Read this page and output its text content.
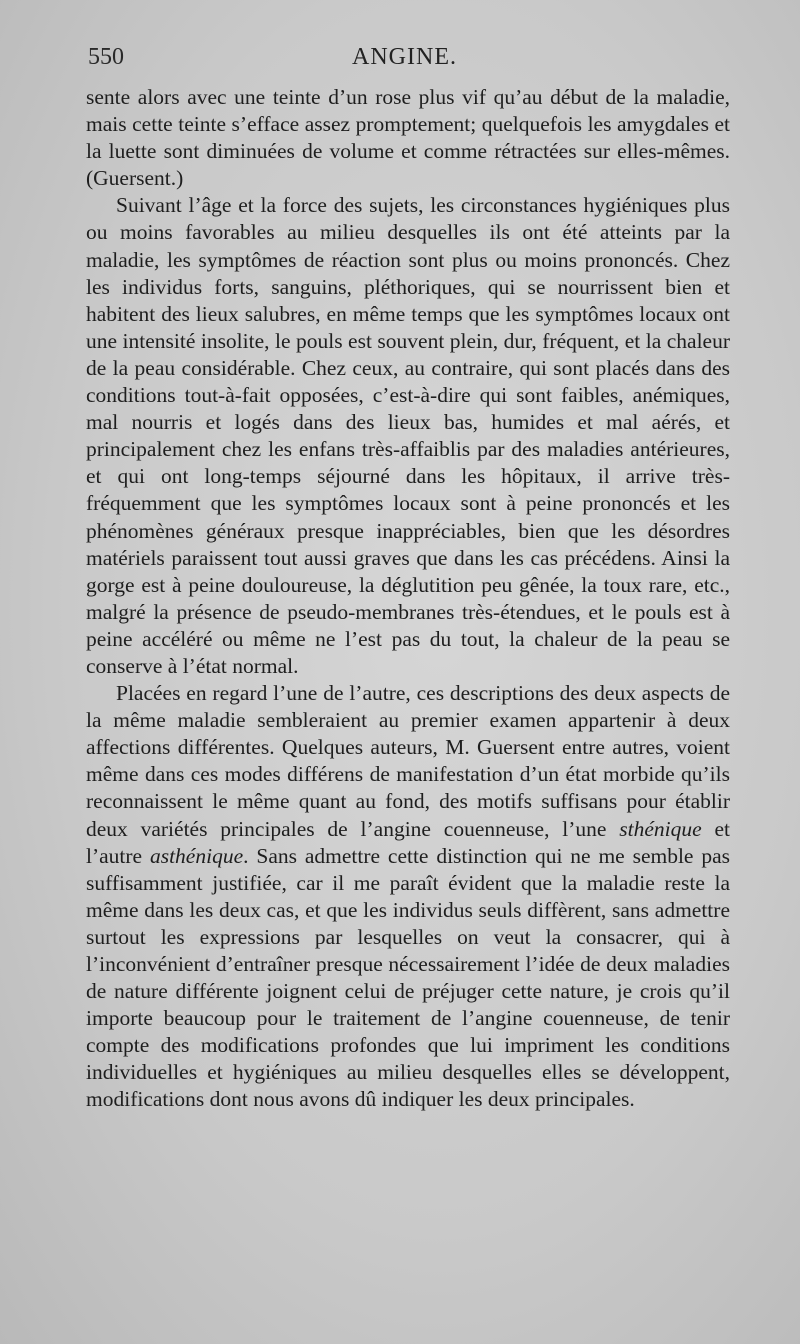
550	ANGINE.

sente alors avec une teinte d’un rose plus vif qu’au début de la maladie, mais cette teinte s’efface assez promptement; quelquefois les amygdales et la luette sont diminuées de volume et comme rétractées sur elles-mêmes. (Guersent.)

Suivant l’âge et la force des sujets, les circonstances hygiéniques plus ou moins favorables au milieu desquelles ils ont été atteints par la maladie, les symptômes de réaction sont plus ou moins prononcés. Chez les individus forts, sanguins, pléthoriques, qui se nourrissent bien et habitent des lieux salubres, en même temps que les symptômes locaux ont une intensité insolite, le pouls est souvent plein, dur, fréquent, et la chaleur de la peau considérable. Chez ceux, au contraire, qui sont placés dans des conditions tout-à-fait opposées, c’est-à-dire qui sont faibles, anémiques, mal nourris et logés dans des lieux bas, humides et mal aérés, et principalement chez les enfans très-affaiblis par des maladies antérieures, et qui ont long-temps séjourné dans les hôpitaux, il arrive très-fréquemment que les symptômes locaux sont à peine prononcés et les phénomènes généraux presque inappréciables, bien que les désordres matériels paraissent tout aussi graves que dans les cas précédens. Ainsi la gorge est à peine douloureuse, la déglutition peu gênée, la toux rare, etc., malgré la présence de pseudo-membranes très-étendues, et le pouls est à peine accéléré ou même ne l’est pas du tout, la chaleur de la peau se conserve à l’état normal.

Placées en regard l’une de l’autre, ces descriptions des deux aspects de la même maladie sembleraient au premier examen appartenir à deux affections différentes. Quelques auteurs, M. Guersent entre autres, voient même dans ces modes différens de manifestation d’un état morbide qu’ils reconnaissent le même quant au fond, des motifs suffisans pour établir deux variétés principales de l’angine couenneuse, l’une sthénique et l’autre asthénique. Sans admettre cette distinction qui ne me semble pas suffisamment justifiée, car il me paraît évident que la maladie reste la même dans les deux cas, et que les individus seuls diffèrent, sans admettre surtout les expressions par lesquelles on veut la consacrer, qui à l’inconvénient d’entraîner presque nécessairement l’idée de deux maladies de nature différente joignent celui de préjuger cette nature, je crois qu’il importe beaucoup pour le traitement de l’angine couenneuse, de tenir compte des modifications profondes que lui impriment les conditions individuelles et hygiéniques au milieu desquelles elles se développent, modifications dont nous avons dû indiquer les deux principales.
